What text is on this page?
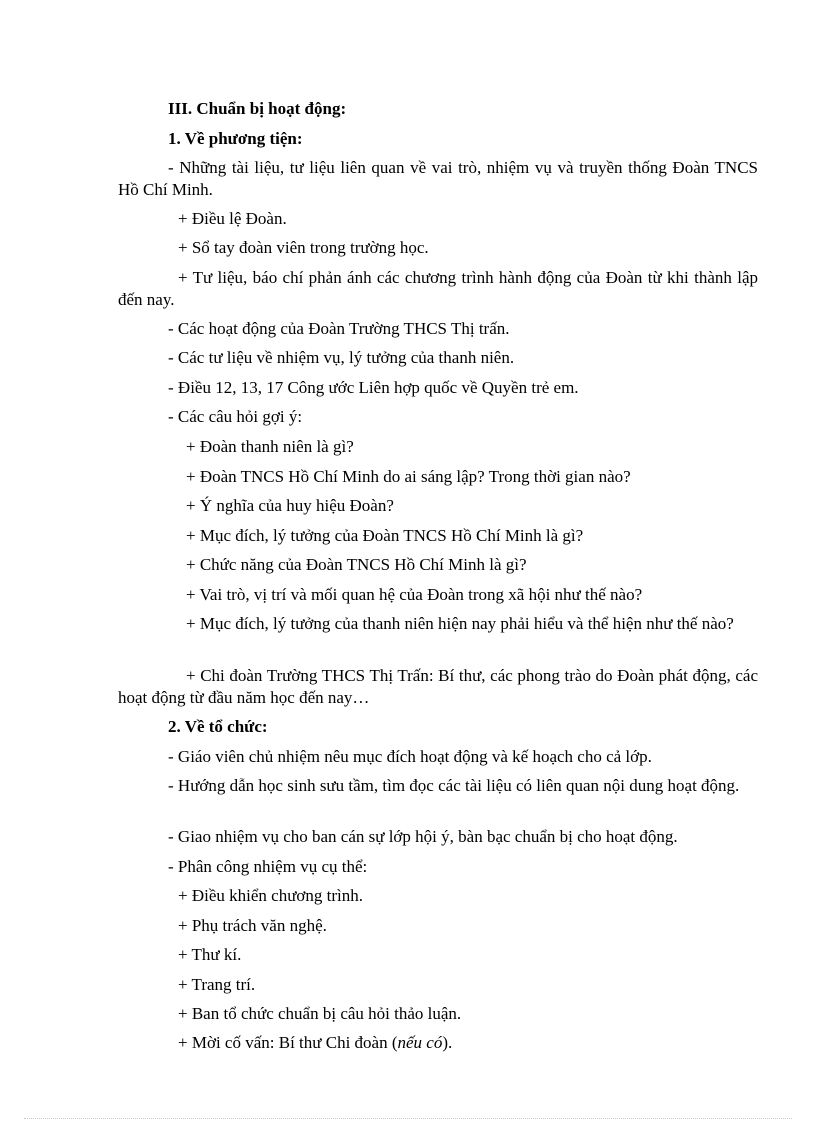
III. Chuẩn bị hoạt động:

1. Về phương tiện:

- Những tài liệu, tư liệu liên quan về vai trò, nhiệm vụ và truyền thống Đoàn TNCS Hồ Chí Minh.

+ Điều lệ Đoàn.

+ Sổ tay đoàn viên trong trường học.

+ Tư liệu, báo chí phản ánh các chương trình hành động của Đoàn từ khi thành lập đến nay.

- Các hoạt động của Đoàn Trường THCS Thị trấn.

- Các tư liệu về nhiệm vụ, lý tưởng của thanh niên.

- Điều 12, 13, 17 Công ước Liên hợp quốc về Quyền trẻ em.

- Các câu hỏi gợi ý:

+ Đoàn thanh niên là gì?

+ Đoàn TNCS Hồ Chí Minh do ai sáng lập? Trong thời gian nào?

+ Ý nghĩa của huy hiệu Đoàn?

+ Mục đích, lý tưởng của Đoàn TNCS Hồ Chí Minh là gì?

+ Chức năng của Đoàn TNCS Hồ Chí Minh là gì?

+ Vai trò, vị trí và mối quan hệ của Đoàn trong xã hội như thế nào?

+ Mục đích, lý tưởng của thanh niên hiện nay phải hiểu và thể hiện như thế nào?

+ Chi đoàn Trường THCS Thị Trấn: Bí thư, các phong trào do Đoàn phát động, các hoạt động từ đầu năm học đến nay…

2. Về tổ chức:

- Giáo viên chủ nhiệm nêu mục đích hoạt động và kế hoạch cho cả lớp.

- Hướng dẫn học sinh sưu tầm, tìm đọc các tài liệu có liên quan nội dung hoạt động.

- Giao nhiệm vụ cho ban cán sự lớp hội ý, bàn bạc chuẩn bị cho hoạt động.

- Phân công nhiệm vụ cụ thể:

+ Điều khiển chương trình.

+ Phụ trách văn nghệ.

+ Thư kí.

+ Trang trí.

+ Ban tổ chức chuẩn bị câu hỏi thảo luận.

+ Mời cố vấn: Bí thư Chi đoàn (nếu có).
